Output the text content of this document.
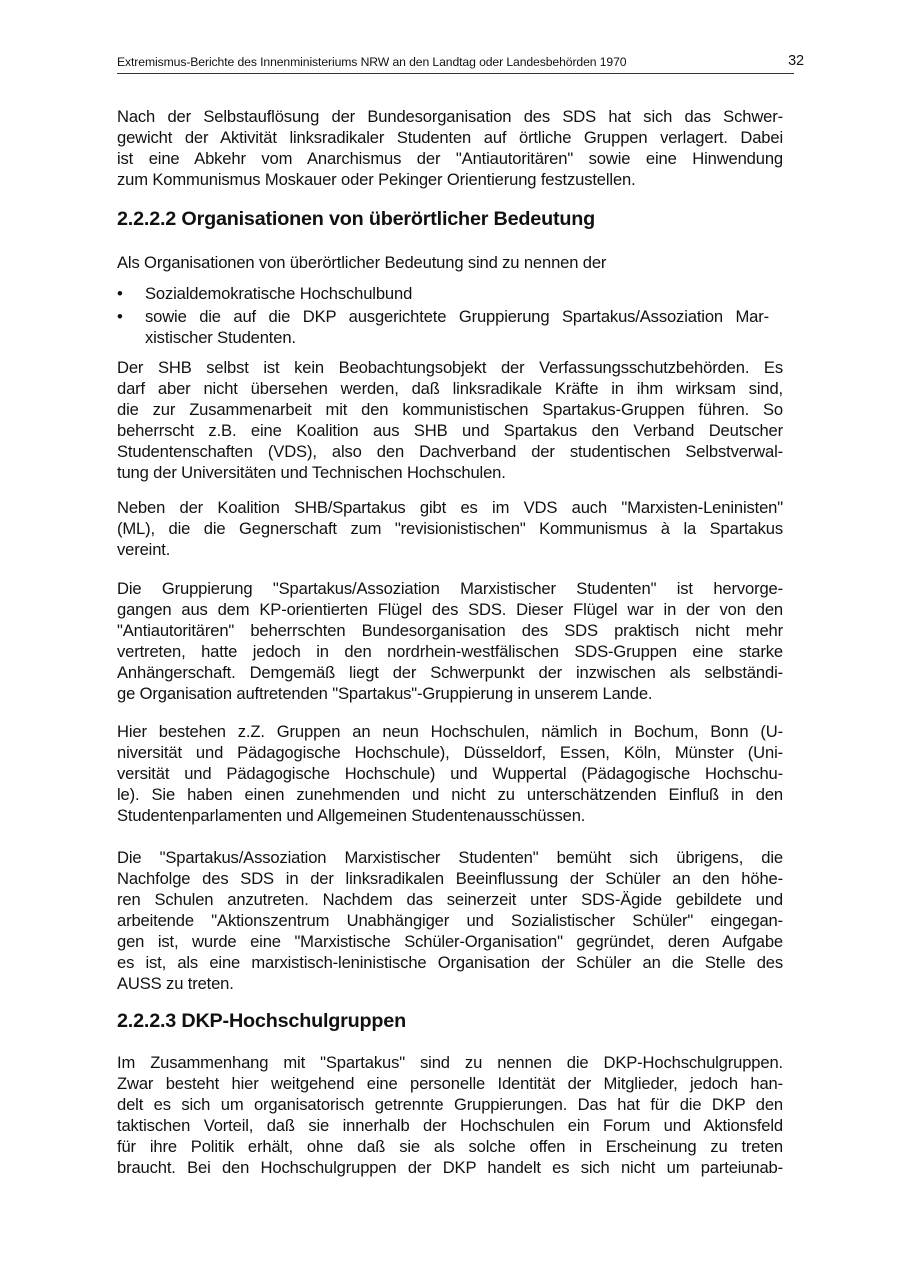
Extremismus-Berichte des Innenministeriums NRW an den Landtag oder Landesbehörden 1970	32
Nach der Selbstauflösung der Bundesorganisation des SDS hat sich das Schwer-
gewicht der Aktivität linksradikaler Studenten auf örtliche Gruppen verlagert. Dabei
ist eine Abkehr vom Anarchismus der "Antiautoritären" sowie eine Hinwendung
zum Kommunismus Moskauer oder Pekinger Orientierung festzustellen.
2.2.2.2 Organisationen von überörtlicher Bedeutung
Als Organisationen von überörtlicher Bedeutung sind zu nennen der
• Sozialdemokratische Hochschulbund
• sowie die auf die DKP ausgerichtete Gruppierung Spartakus/Assoziation Mar-
xistischer Studenten.
Der SHB selbst ist kein Beobachtungsobjekt der Verfassungsschutzbehörden. Es
darf aber nicht übersehen werden, daß linksradikale Kräfte in ihm wirksam sind,
die zur Zusammenarbeit mit den kommunistischen Spartakus-Gruppen führen. So
beherrscht z.B. eine Koalition aus SHB und Spartakus den Verband Deutscher
Studentenschaften (VDS), also den Dachverband der studentischen Selbstverwal-
tung der Universitäten und Technischen Hochschulen.
Neben der Koalition SHB/Spartakus gibt es im VDS auch "Marxisten-Leninisten"
(ML), die die Gegnerschaft zum "revisionistischen" Kommunismus à la Spartakus
vereint.
Die Gruppierung "Spartakus/Assoziation Marxistischer Studenten" ist hervorge-
gangen aus dem KP-orientierten Flügel des SDS. Dieser Flügel war in der von den
"Antiautoritären" beherrschten Bundesorganisation des SDS praktisch nicht mehr
vertreten, hatte jedoch in den nordrhein-westfälischen SDS-Gruppen eine starke
Anhängerschaft. Demgemäß liegt der Schwerpunkt der inzwischen als selbständi-
ge Organisation auftretenden "Spartakus"-Gruppierung in unserem Lande.
Hier bestehen z.Z. Gruppen an neun Hochschulen, nämlich in Bochum, Bonn (U-
niversität und Pädagogische Hochschule), Düsseldorf, Essen, Köln, Münster (Uni-
versität und Pädagogische Hochschule) und Wuppertal (Pädagogische Hochschu-
le). Sie haben einen zunehmenden und nicht zu unterschätzenden Einfluß in den
Studentenparlamenten und Allgemeinen Studentenausschüssen.
Die "Spartakus/Assoziation Marxistischer Studenten" bemüht sich übrigens, die
Nachfolge des SDS in der linksradikalen Beeinflussung der Schüler an den höhe-
ren Schulen anzutreten. Nachdem das seinerzeit unter SDS-Ägide gebildete und
arbeitende "Aktionszentrum Unabhängiger und Sozialistischer Schüler" eingegan-
gen ist, wurde eine "Marxistische Schüler-Organisation" gegründet, deren Aufgabe
es ist, als eine marxistisch-leninistische Organisation der Schüler an die Stelle des
AUSS zu treten.
2.2.2.3 DKP-Hochschulgruppen
Im Zusammenhang mit "Spartakus" sind zu nennen die DKP-Hochschulgruppen.
Zwar besteht hier weitgehend eine personelle Identität der Mitglieder, jedoch han-
delt es sich um organisatorisch getrennte Gruppierungen. Das hat für die DKP den
taktischen Vorteil, daß sie innerhalb der Hochschulen ein Forum und Aktionsfeld
für ihre Politik erhält, ohne daß sie als solche offen in Erscheinung zu treten
braucht. Bei den Hochschulgruppen der DKP handelt es sich nicht um parteiunab-
